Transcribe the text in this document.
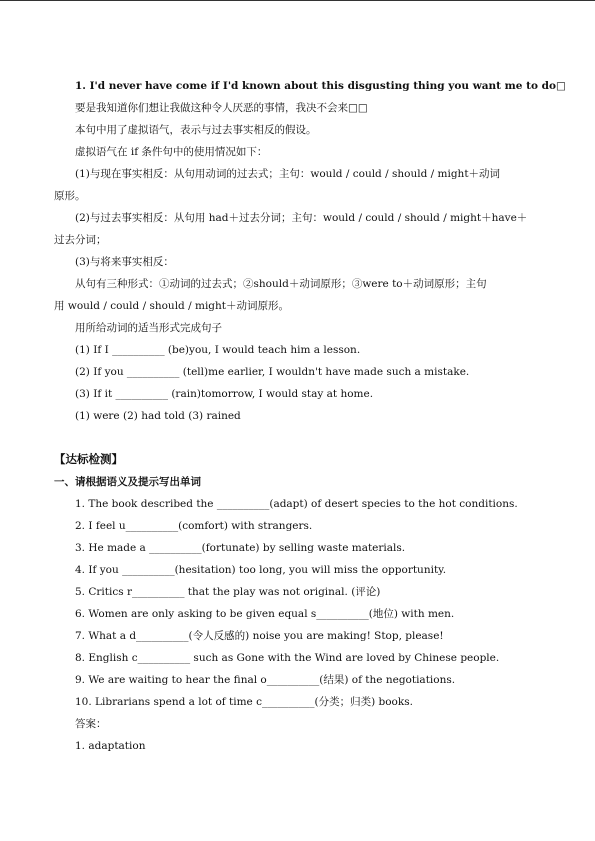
1. I'd never have come if I'd known about this disgusting thing you want me to do□
要是我知道你们想让我做这种令人厌恶的事情，我决不会来□□
本句中用了虚拟语气，表示与过去事实相反的假设。
虚拟语气在 if 条件句中的使用情况如下：
(1)与现在事实相反：从句用动词的过去式；主句：would / could / should / might＋动词
原形。
(2)与过去事实相反：从句用 had＋过去分词；主句：would / could / should / might＋have＋
过去分词；
(3)与将来事实相反：
从句有三种形式：①动词的过去式；②should＋动词原形；③were to＋动词原形；主句
用 would / could / should / might＋动词原形。
用所给动词的适当形式完成句子
(1) If I __________ (be)you, I would teach him a lesson.
(2) If you __________ (tell)me earlier, I wouldn't have made such a mistake.
(3) If it __________ (rain)tomorrow, I would stay at home.
(1) were (2) had told (3) rained
【达标检测】
一、请根据语义及提示写出单词
1. The book described the __________(adapt) of desert species to the hot conditions.
2. I feel u__________(comfort) with strangers.
3. He made a __________(fortunate) by selling waste materials.
4. If you __________(hesitation) too long, you will miss the opportunity.
5. Critics r__________ that the play was not original. (评论)
6. Women are only asking to be given equal s__________(地位) with men.
7. What a d__________(令人反感的) noise you are making! Stop, please!
8. English c__________ such as Gone with the Wind are loved by Chinese people.
9. We are waiting to hear the final o__________(结果) of the negotiations.
10. Librarians spend a lot of time c__________(分类；归类) books.
答案：
1. adaptation
